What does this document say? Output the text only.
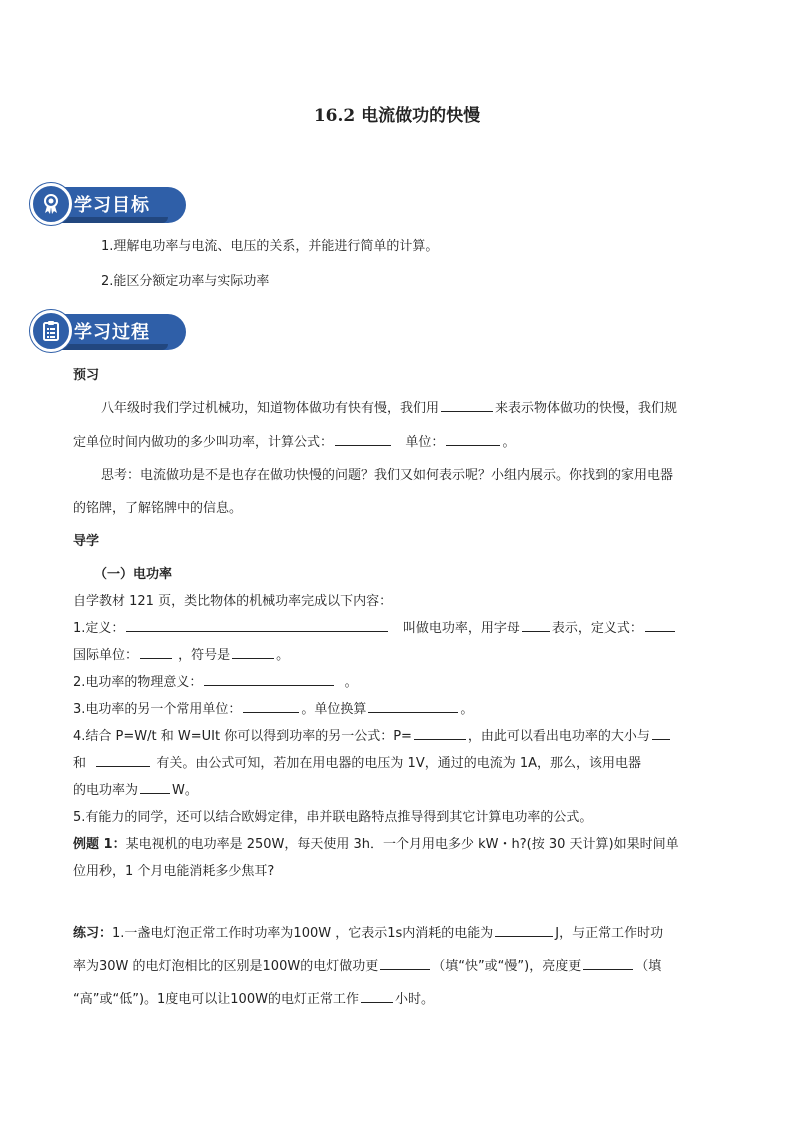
16.2 电流做功的快慢
学习目标
1.理解电功率与电流、电压的关系，并能进行简单的计算。
2.能区分额定功率与实际功率
学习过程
预习
八年级时我们学过机械功，知道物体做功有快有慢，我们用	来表示物体做功的快慢，我们规
定单位时间内做功的多少叫功率，计算公式：	单位：	。
思考：电流做功是不是也存在做功快慢的问题？我们又如何表示呢？小组内展示。你找到的家用电器
的铭牌，了解铭牌中的信息。
导学
（一）电功率
自学教材 121 页，类比物体的机械功率完成以下内容：
1.定义：	叫做电功率，用字母 表示，定义式：
国际单位：	，符号是	。
2.电功率的物理意义：	。
3.电功率的另一个常用单位：	。单位换算	。
4.结合 P=W/t 和 W=UIt 你可以得到功率的另一公式：P=	，由此可以看出电功率的大小与
和	有关。由公式可知，若加在用电器的电压为 1V，通过的电流为 1A，那么，该用电器
的电功率为	W。
5.有能力的同学，还可以结合欧姆定律，串并联电路特点推导得到其它计算电功率的公式。
例题 1：某电视机的电功率是 250W，每天使用 3h．一个月用电多少 kW・h?(按 30 天计算)如果时间单
位用秒，1 个月电能消耗多少焦耳?
练习：1.一盏电灯泡正常工作时功率为100W ，它表示1s内消耗的电能为	J，与正常工作时功
率为30W 的电灯泡相比的区别是100W的电灯做功更	（填“快”或“慢”)，亮度更	（填
“高”或“低”)。1度电可以让100W的电灯正常工作	小时。
